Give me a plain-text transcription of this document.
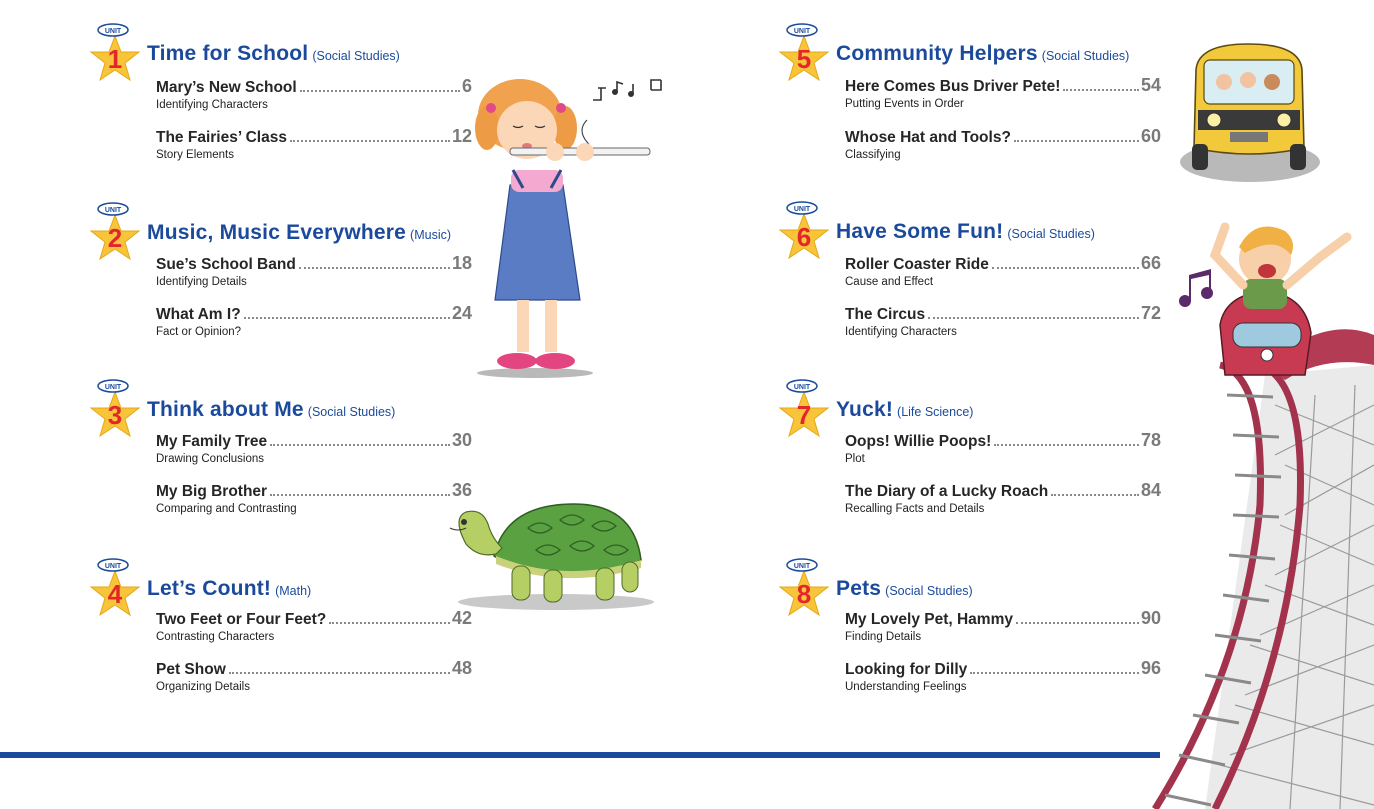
UNIT
1 Time for School (Social Studies)
Mary’s New School	6
Identifying Characters
The Fairies’ Class	12
Story Elements
UNIT
2 Music, Music Everywhere (Music)
Sue’s School Band	18
Identifying Details
What Am I?	24
Fact or Opinion?
UNIT
3 Think about Me (Social Studies)
My Family Tree	30
Drawing Conclusions
My Big Brother	36
Comparing and Contrasting
UNIT
4 Let’s Count! (Math)
Two Feet or Four Feet?	42
Contrasting Characters
Pet Show	48
Organizing Details
UNIT
5 Community Helpers (Social Studies)
Here Comes Bus Driver Pete!	54
Putting Events in Order
Whose Hat and Tools?	60
Classifying
UNIT
6 Have Some Fun! (Social Studies)
Roller Coaster Ride	66
Cause and Effect
The Circus	72
Identifying Characters
UNIT
7 Yuck! (Life Science)
Oops! Willie Poops!	78
Plot
The Diary of a Lucky Roach	84
Recalling Facts and Details
UNIT
8 Pets (Social Studies)
My Lovely Pet, Hammy	90
Finding Details
Looking for Dilly	96
Understanding Feelings
